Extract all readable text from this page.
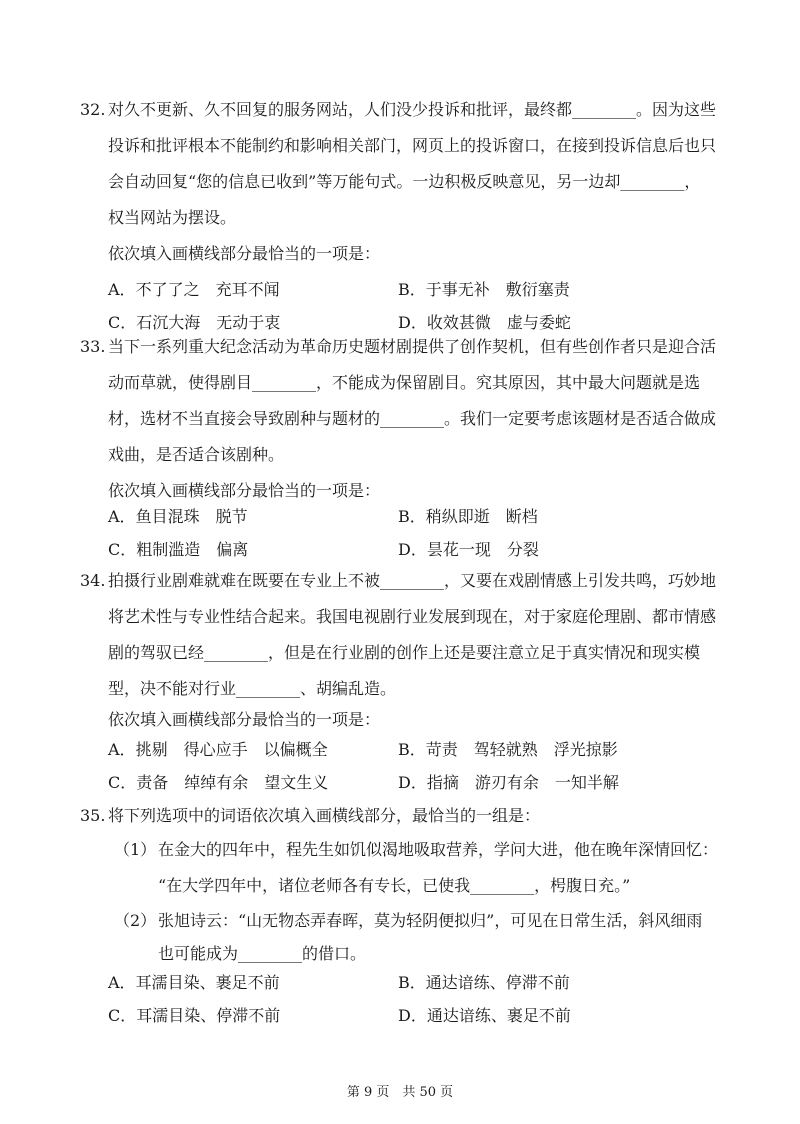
32. 对久不更新、久不回复的服务网站，人们没少投诉和批评，最终都________。因为这些
投诉和批评根本不能制约和影响相关部门，网页上的投诉窗口，在接到投诉信息后也只
会自动回复“您的信息已收到”等万能句式。一边积极反映意见，另一边却________，
权当网站为摆设。
依次填入画横线部分最恰当的一项是：
A．不了了之　充耳不闻	B．于事无补　敷衍塞责
C．石沉大海　无动于衷	D．收效甚微　虚与委蛇
33. 当下一系列重大纪念活动为革命历史题材剧提供了创作契机，但有些创作者只是迎合活
动而草就，使得剧目________，不能成为保留剧目。究其原因，其中最大问题就是选
材，选材不当直接会导致剧种与题材的________。我们一定要考虑该题材是否适合做成
戏曲，是否适合该剧种。
依次填入画横线部分最恰当的一项是：
A．鱼目混珠　脱节	B．稍纵即逝　断档
C．粗制滥造　偏离	D．昙花一现　分裂
34. 拍摄行业剧难就难在既要在专业上不被________，又要在戏剧情感上引发共鸣，巧妙地
将艺术性与专业性结合起来。我国电视剧行业发展到现在，对于家庭伦理剧、都市情感
剧的驾驭已经________，但是在行业剧的创作上还是要注意立足于真实情况和现实模
型，决不能对行业________、胡编乱造。
依次填入画横线部分最恰当的一项是：
A．挑剔　得心应手　以偏概全	B．苛责　驾轻就熟　浮光掠影
C．责备　绰绰有余　望文生义	D．指摘　游刃有余　一知半解
35. 将下列选项中的词语依次填入画横线部分，最恰当的一组是：
（1） 在金大的四年中，程先生如饥似渴地吸取营养，学问大进，他在晚年深情回忆：
“在大学四年中，诸位老师各有专长，已使我________，枵腹日充。”
（2） 张旭诗云：“山无物态弄春晖，莫为轻阴便拟归”，可见在日常生活，斜风细雨
也可能成为________的借口。
A．耳濡目染、裹足不前	B．通达谙练、停滞不前
C．耳濡目染、停滞不前	D．通达谙练、裹足不前
第 9 页　共 50 页
